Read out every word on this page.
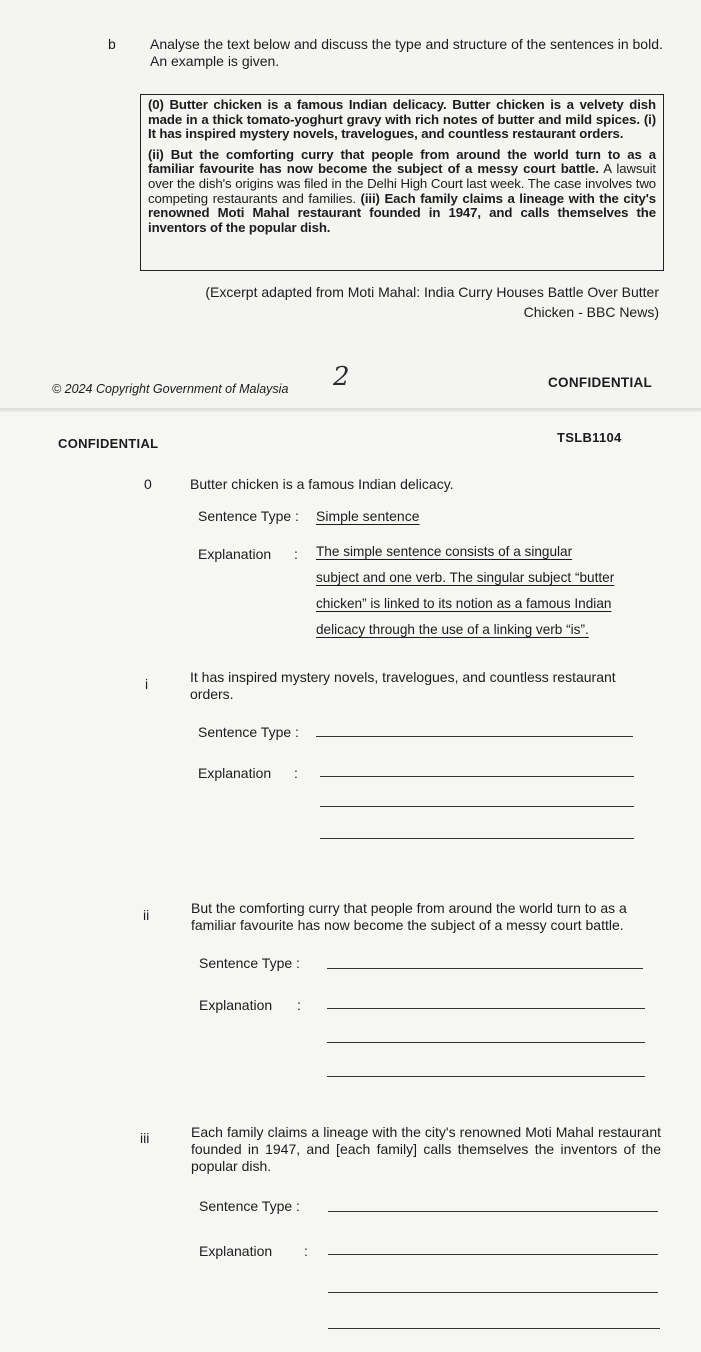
b Analyse the text below and discuss the type and structure of the sentences in bold. An example is given.
(0) Butter chicken is a famous Indian delicacy. Butter chicken is a velvety dish made in a thick tomato-yoghurt gravy with rich notes of butter and mild spices. (i) It has inspired mystery novels, travelogues, and countless restaurant orders.
(ii) But the comforting curry that people from around the world turn to as a familiar favourite has now become the subject of a messy court battle. A lawsuit over the dish's origins was filed in the Delhi High Court last week. The case involves two competing restaurants and families. (iii) Each family claims a lineage with the city's renowned Moti Mahal restaurant founded in 1947, and calls themselves the inventors of the popular dish.
(Excerpt adapted from Moti Mahal: India Curry Houses Battle Over Butter Chicken - BBC News)
© 2024 Copyright Government of Malaysia 2	CONFIDENTIAL
CONFIDENTIAL	TSLB1104
0	Butter chicken is a famous Indian delicacy.
Sentence Type : Simple sentence
Explanation : The simple sentence consists of a singular
subject and one verb. The singular subject “butter
chicken” is linked to its notion as a famous Indian
delicacy through the use of a linking verb “is”.
i	It has inspired mystery novels, travelogues, and countless restaurant orders.
Sentence Type :
Explanation :
ii	But the comforting curry that people from around the world turn to as a familiar favourite has now become the subject of a messy court battle.
Sentence Type :
Explanation :
iii	Each family claims a lineage with the city's renowned Moti Mahal restaurant founded in 1947, and [each family] calls themselves the inventors of the popular dish.
Sentence Type :
Explanation :
